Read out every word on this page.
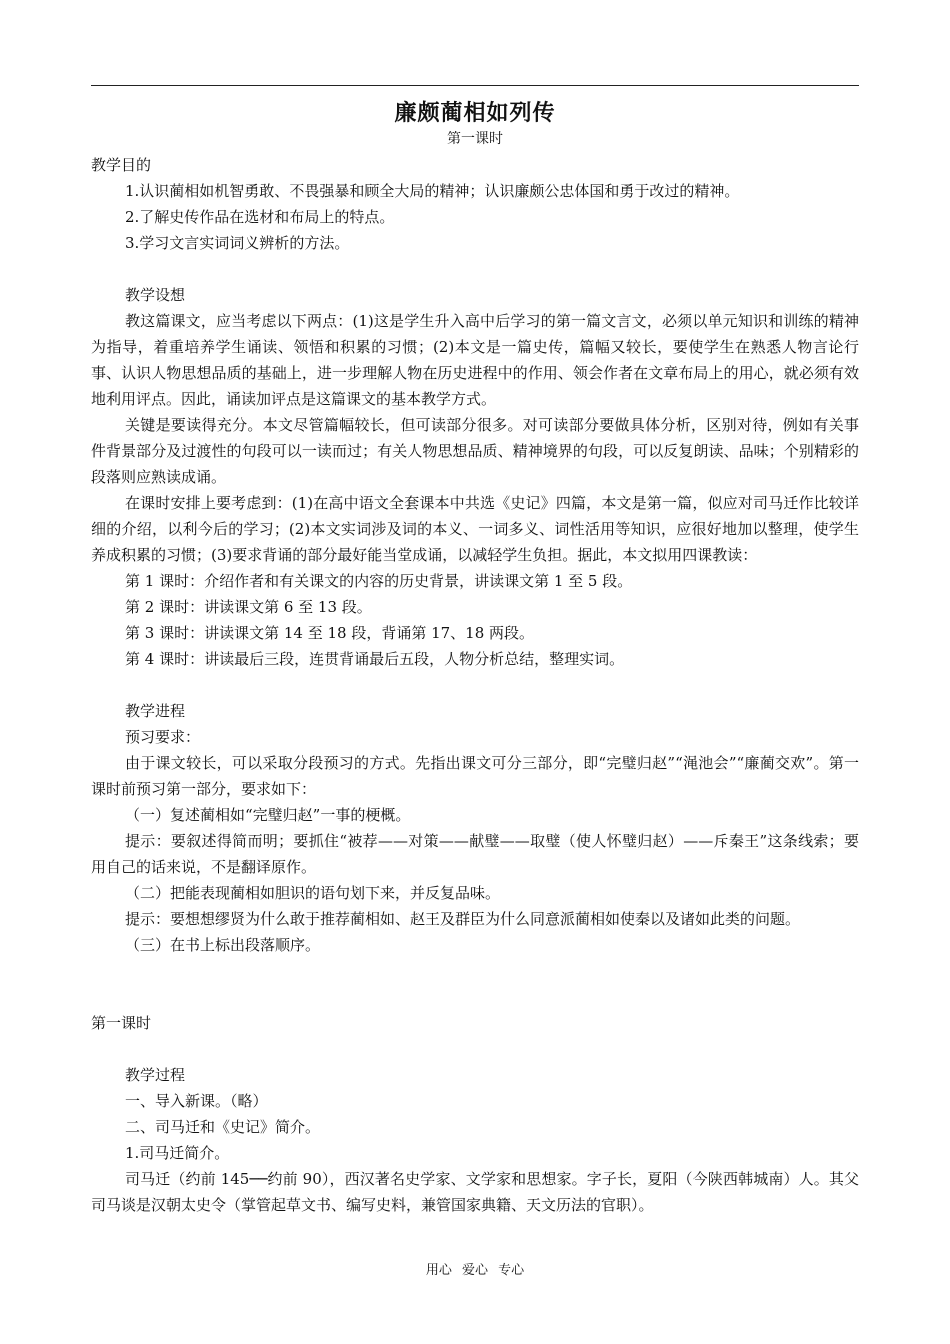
廉颇蔺相如列传

第一课时

教学目的

1.认识蔺相如机智勇敢、不畏强暴和顾全大局的精神；认识廉颇公忠体国和勇于改过的精神。

2.了解史传作品在选材和布局上的特点。

3.学习文言实词词义辨析的方法。

教学设想

教这篇课文，应当考虑以下两点：(1)这是学生升入高中后学习的第一篇文言文，必须以单元知识和训练的精神为指导，着重培养学生诵读、领悟和积累的习惯；(2)本文是一篇史传，篇幅又较长，要使学生在熟悉人物言论行事、认识人物思想品质的基础上，进一步理解人物在历史进程中的作用、领会作者在文章布局上的用心，就必须有效地利用评点。因此，诵读加评点是这篇课文的基本教学方式。

关键是要读得充分。本文尽管篇幅较长，但可读部分很多。对可读部分要做具体分析，区别对待，例如有关事件背景部分及过渡性的句段可以一读而过；有关人物思想品质、精神境界的句段，可以反复朗读、品味；个别精彩的段落则应熟读成诵。

在课时安排上要考虑到：(1)在高中语文全套课本中共选《史记》四篇，本文是第一篇，似应对司马迁作比较详细的介绍，以利今后的学习；(2)本文实词涉及词的本义、一词多义、词性活用等知识，应很好地加以整理，使学生养成积累的习惯；(3)要求背诵的部分最好能当堂成诵，以减轻学生负担。据此，本文拟用四课教读：

第 1 课时：介绍作者和有关课文的内容的历史背景，讲读课文第 1 至 5 段。

第 2 课时：讲读课文第 6 至 13 段。

第 3 课时：讲读课文第 14 至 18 段，背诵第 17、18 两段。

第 4 课时：讲读最后三段，连贯背诵最后五段，人物分析总结，整理实词。

教学进程

预习要求：

由于课文较长，可以采取分段预习的方式。先指出课文可分三部分，即“完璧归赵”“渑池会”“廉蔺交欢”。第一课时前预习第一部分，要求如下：

（一）复述蔺相如“完璧归赵”一事的梗概。

提示：要叙述得简而明；要抓住“被荐——对策——献璧——取璧（使人怀璧归赵）——斥秦王”这条线索；要用自己的话来说，不是翻译原作。

（二）把能表现蔺相如胆识的语句划下来，并反复品味。

提示：要想想缪贤为什么敢于推荐蔺相如、赵王及群臣为什么同意派蔺相如使秦以及诸如此类的问题。

（三）在书上标出段落顺序。

第一课时

教学过程

一、导入新课。（略）

二、司马迁和《史记》简介。

1.司马迁简介。

司马迁（约前 145──约前 90），西汉著名史学家、文学家和思想家。字子长，夏阳（今陕西韩城南）人。其父司马谈是汉朝太史令（掌管起草文书、编写史料，兼管国家典籍、天文历法的官职）。

用心 爱心 专心
